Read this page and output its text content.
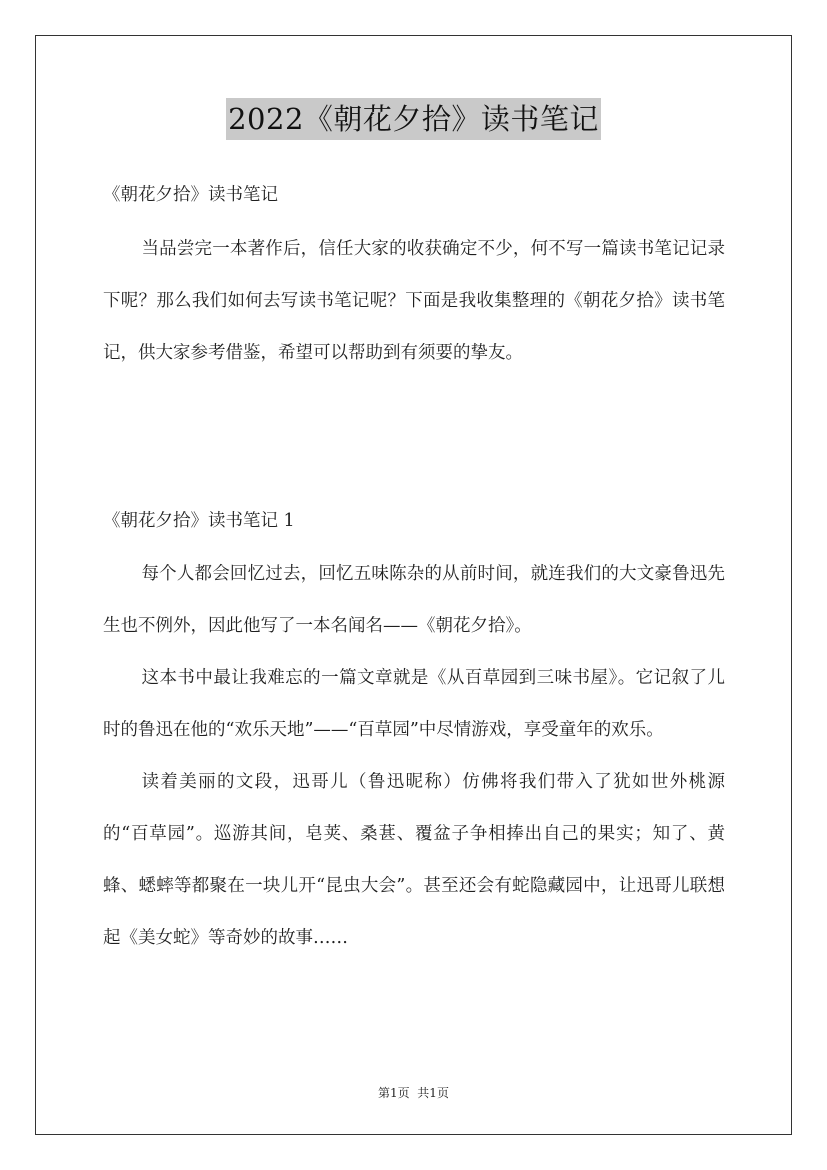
2022《朝花夕拾》读书笔记
《朝花夕拾》读书笔记

当品尝完一本著作后，信任大家的收获确定不少，何不写一篇读书笔记记录下呢？那么我们如何去写读书笔记呢？下面是我收集整理的《朝花夕拾》读书笔记，供大家参考借鉴，希望可以帮助到有须要的挚友。

《朝花夕拾》读书笔记 1

每个人都会回忆过去，回忆五味陈杂的从前时间，就连我们的大文豪鲁迅先生也不例外，因此他写了一本名闻名——《朝花夕拾》。

这本书中最让我难忘的一篇文章就是《从百草园到三味书屋》。它记叙了儿时的鲁迅在他的“欢乐天地”——“百草园”中尽情游戏，享受童年的欢乐。

读着美丽的文段，迅哥儿（鲁迅昵称）仿佛将我们带入了犹如世外桃源的“百草园”。巡游其间，皂荚、桑葚、覆盆子争相捧出自己的果实；知了、黄蜂、蟋蟀等都聚在一块儿开“昆虫大会”。甚至还会有蛇隐藏园中，让迅哥儿联想起《美女蛇》等奇妙的故事……

第1页  共1页
